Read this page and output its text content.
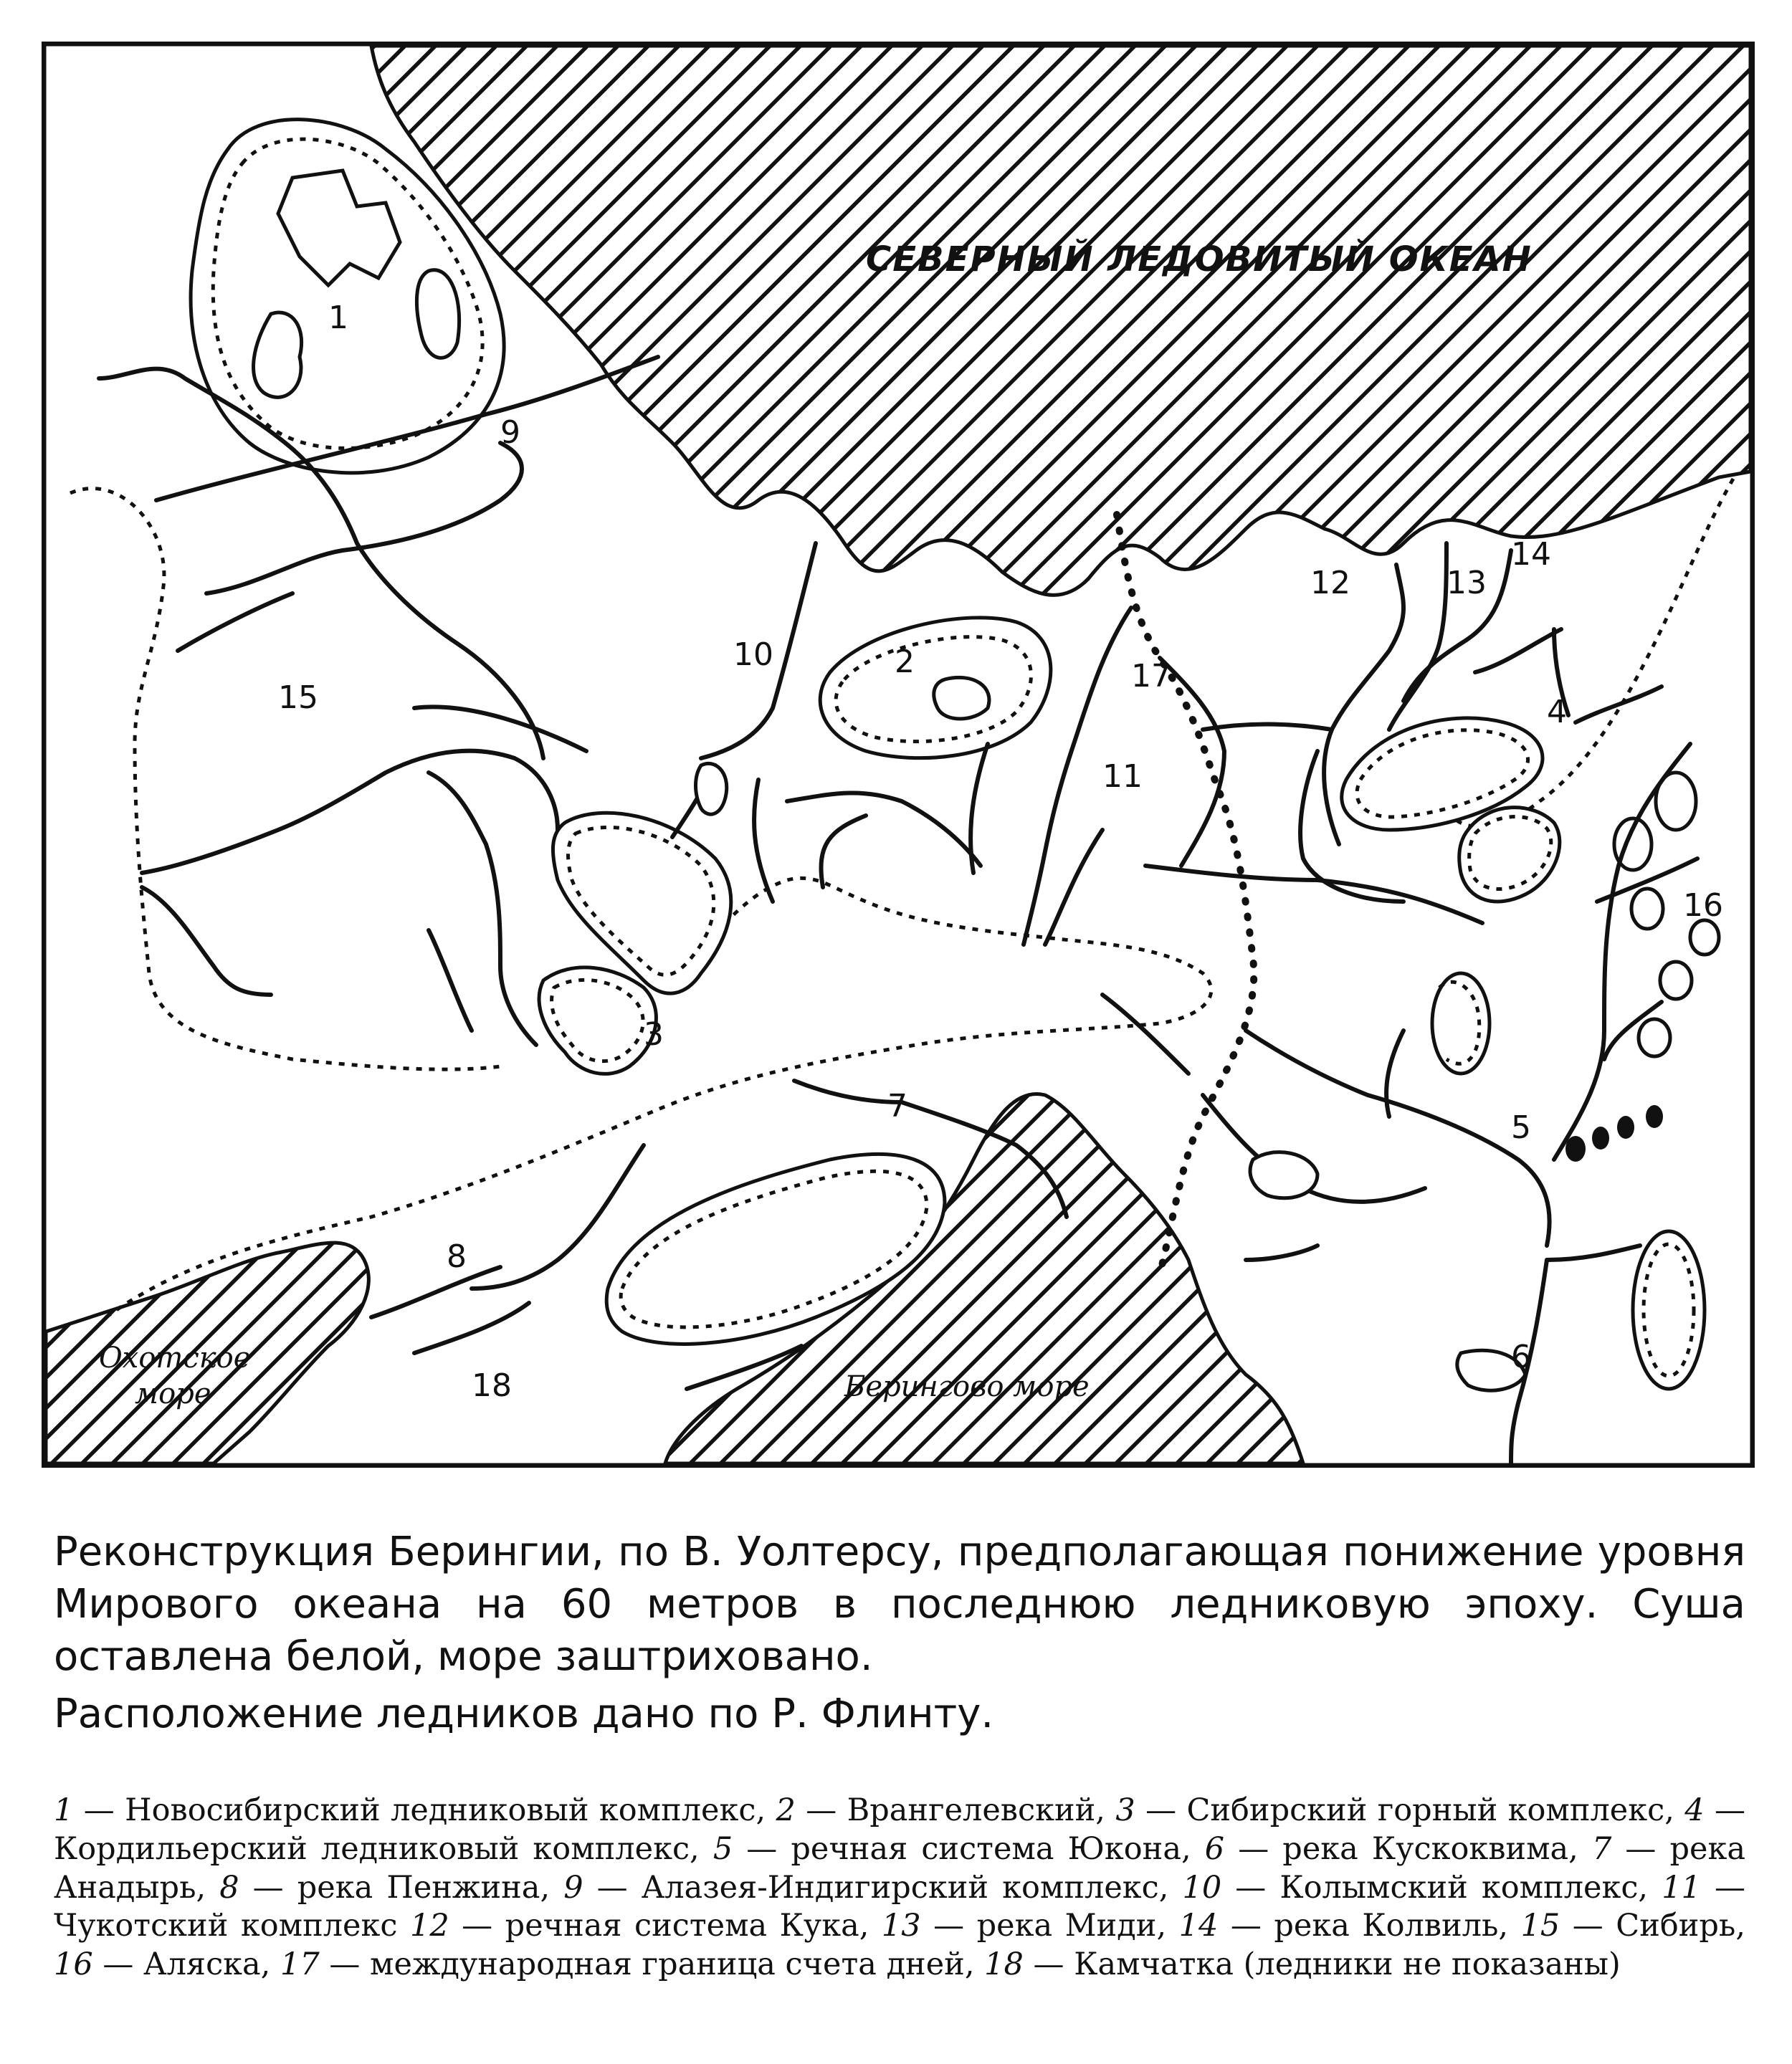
СЕВЕРНЫЙ ЛЕДОВИТЫЙ ОКЕАН
Охотское
море	Берингово море
1
2
3
4
5
6
7
8
9
10
11
12	13
14
15
16
17
18

Реконструкция Берингии, по В. Уолтерсу, предполагающая понижение уровня Мирового океана на 60 метров в последнюю ледниковую эпоху. Суша оставлена белой, море заштриховано.

Расположение ледников дано по Р. Флинту.

1 — Новосибирский ледниковый комплекс, 2 — Врангелевский, 3 — Сибирский горный комплекс, 4 — Кордильерский ледниковый комплекс, 5 — речная система Юкона, 6 — река Кускоквима, 7 — река Анадырь, 8 — река Пенжина, 9 — Алазея-Индигирский комплекс, 10 — Колымский комплекс, 11 — Чукотский комплекс 12 — речная система Кука, 13 — река Миди, 14 — река Колвиль, 15 — Сибирь, 16 — Аляска, 17 — международная граница счета дней, 18 — Камчатка (ледники не показаны)
